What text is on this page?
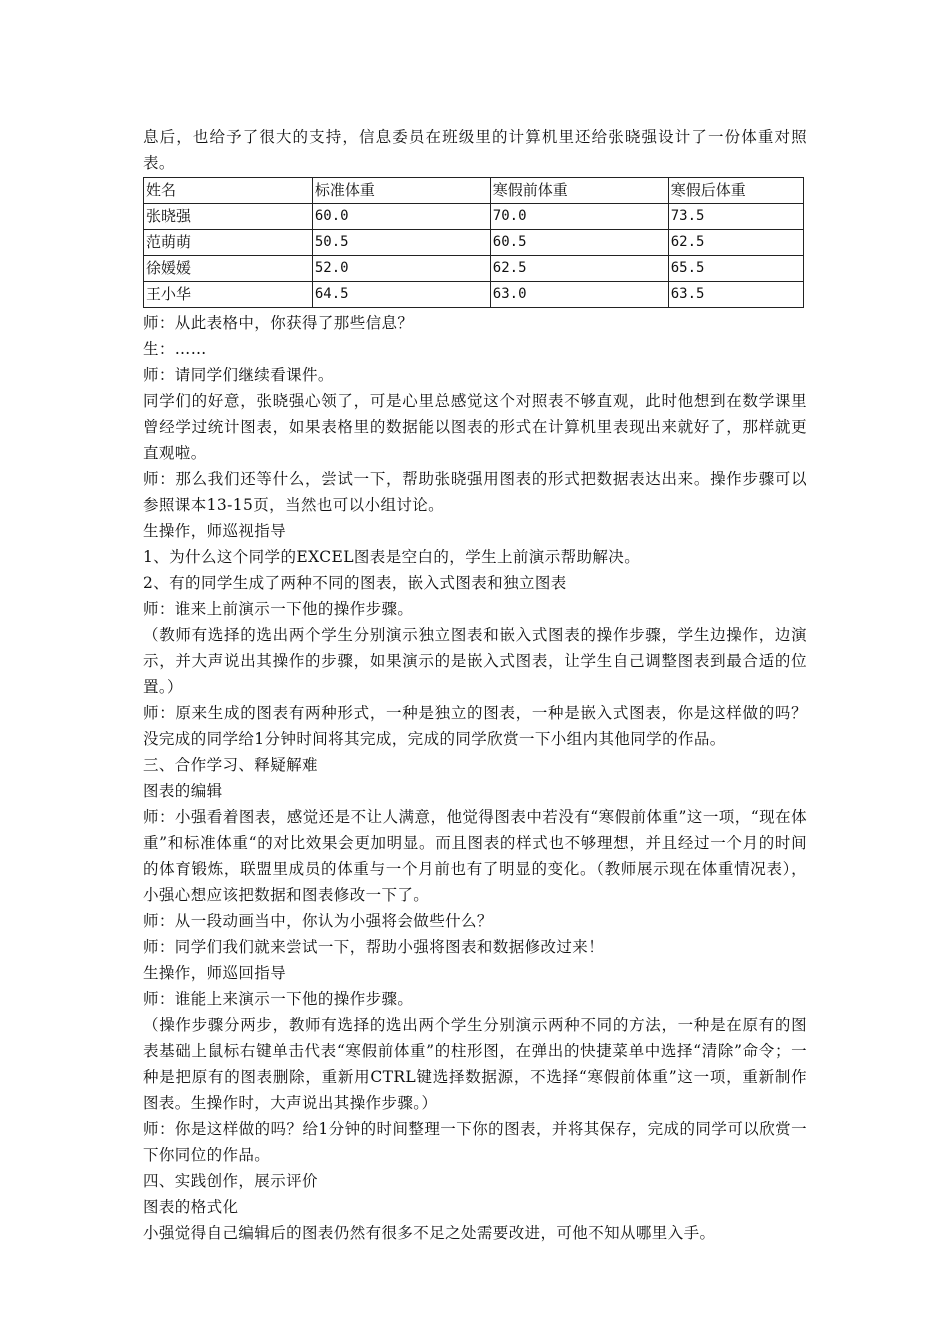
息后，也给予了很大的支持，信息委员在班级里的计算机里还给张晓强设计了一份体重对照表。

姓名	标准体重	寒假前体重	寒假后体重
张晓强	60.0	70.0	73.5
范萌萌	50.5	60.5	62.5
徐媛媛	52.0	62.5	65.5
王小华	64.5	63.0	63.5

师：从此表格中，你获得了那些信息？

生：……

师：请同学们继续看课件。

同学们的好意，张晓强心领了，可是心里总感觉这个对照表不够直观，此时他想到在数学课里曾经学过统计图表，如果表格里的数据能以图表的形式在计算机里表现出来就好了，那样就更直观啦。

师：那么我们还等什么，尝试一下，帮助张晓强用图表的形式把数据表达出来。操作步骤可以参照课本13-15页，当然也可以小组讨论。

生操作，师巡视指导

1、为什么这个同学的EXCEL图表是空白的，学生上前演示帮助解决。

2、有的同学生成了两种不同的图表，嵌入式图表和独立图表

师：谁来上前演示一下他的操作步骤。

（教师有选择的选出两个学生分别演示独立图表和嵌入式图表的操作步骤，学生边操作，边演示，并大声说出其操作的步骤，如果演示的是嵌入式图表，让学生自己调整图表到最合适的位置。）

师：原来生成的图表有两种形式，一种是独立的图表，一种是嵌入式图表，你是这样做的吗？没完成的同学给1分钟时间将其完成，完成的同学欣赏一下小组内其他同学的作品。

三、合作学习、释疑解难

图表的编辑

师：小强看着图表，感觉还是不让人满意，他觉得图表中若没有“寒假前体重”这一项，“现在体重”和标准体重“的对比效果会更加明显。而且图表的样式也不够理想，并且经过一个月的时间的体育锻炼，联盟里成员的体重与一个月前也有了明显的变化。（教师展示现在体重情况表），小强心想应该把数据和图表修改一下了。

师：从一段动画当中，你认为小强将会做些什么？

师：同学们我们就来尝试一下，帮助小强将图表和数据修改过来！

生操作，师巡回指导

师：谁能上来演示一下他的操作步骤。

（操作步骤分两步，教师有选择的选出两个学生分别演示两种不同的方法，一种是在原有的图表基础上鼠标右键单击代表“寒假前体重”的柱形图，在弹出的快捷菜单中选择“清除”命令；一种是把原有的图表删除，重新用CTRL键选择数据源，不选择“寒假前体重”这一项，重新制作图表。生操作时，大声说出其操作步骤。）

师：你是这样做的吗？给1分钟的时间整理一下你的图表，并将其保存，完成的同学可以欣赏一下你同位的作品。

四、实践创作，展示评价

图表的格式化

小强觉得自己编辑后的图表仍然有很多不足之处需要改进，可他不知从哪里入手。
